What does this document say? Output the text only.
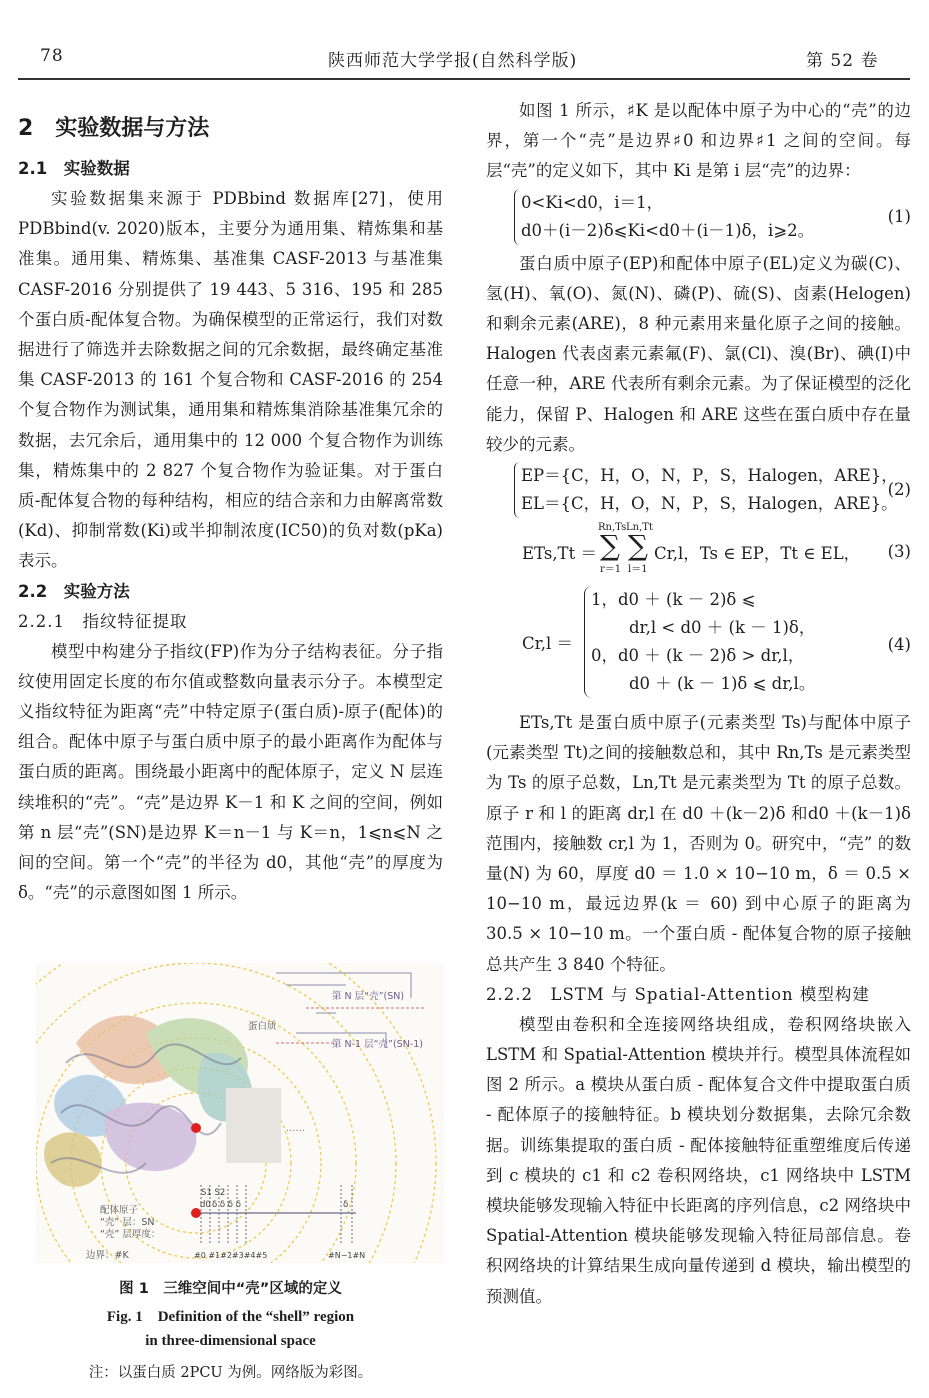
78	陕西师范大学学报(自然科学版)	第 52 卷
2　实验数据与方法
2.1　实验数据

实验数据集来源于 PDBbind 数据库[27]，使用 PDBbind(v. 2020)版本，主要分为通用集、精炼集和基准集。通用集、精炼集、基准集 CASF-2013 与基准集 CASF-2016 分别提供了 19 443、5 316、195 和 285 个蛋白质-配体复合物。为确保模型的正常运行，我们对数据进行了筛选并去除数据之间的冗余数据，最终确定基准集 CASF-2013 的 161 个复合物和 CASF-2016 的 254 个复合物作为测试集，通用集和精炼集消除基准集冗余的数据，去冗余后，通用集中的 12 000 个复合物作为训练集，精炼集中的 2 827 个复合物作为验证集。对于蛋白质-配体复合物的每种结构，相应的结合亲和力由解离常数(Kd)、抑制常数(Ki)或半抑制浓度(IC50)的负对数(pKa)表示。

2.2　实验方法
2.2.1　指纹特征提取

模型中构建分子指纹(FP)作为分子结构表征。分子指纹使用固定长度的布尔值或整数向量表示分子。本模型定义指纹特征为距离“壳”中特定原子(蛋白质)-原子(配体)的组合。配体中原子与蛋白质中原子的最小距离作为配体与蛋白质的距离。围绕最小距离中的配体原子，定义 N 层连续堆积的“壳”。“壳”是边界 K－1 和 K 之间的空间，例如第 n 层“壳”(SN)是边界 K＝n－1 与 K＝n，1⩽n⩽N 之间的空间。第一个“壳”的半径为 d0，其他“壳”的厚度为 δ。“壳”的示意图如图 1 所示。

第 N 层“壳”(SN)
第 N-1 层“壳”(SN-1)
蛋白质
配体原子
“壳” 层：SN
“壳” 层厚度：
边界：#K
……
S1 S2
d0 δ δ δ δ	δ
#0 #1#2#3#4#5	#N−1#N
图 1　三维空间中“壳”区域的定义
Fig. 1　Definition of the “shell” region
in three-dimensional space
注：以蛋白质 2PCU 为例。网络版为彩图。

如图 1 所示，♯K 是以配体中原子为中心的“壳”的边界，第一个“壳”是边界♯0 和边界♯1 之间的空间。每层“壳”的定义如下，其中 Ki 是第 i 层“壳”的边界：

0<Ki<d0，i＝1，
d0＋(i－2)δ⩽Ki<d0＋(i－1)δ，i⩾2。
(1)

蛋白质中原子(EP)和配体中原子(EL)定义为碳(C)、氢(H)、氧(O)、氮(N)、磷(P)、硫(S)、卤素(Helogen)和剩余元素(ARE)，8 种元素用来量化原子之间的接触。Halogen 代表卤素元素氟(F)、氯(Cl)、溴(Br)、碘(I)中任意一种，ARE 代表所有剩余元素。为了保证模型的泛化能力，保留 P、Halogen 和 ARE 这些在蛋白质中存在量较少的元素。

EP＝{C，H，O，N，P，S，Halogen，ARE}，
EL＝{C，H，O，N，P，S，Halogen，ARE}。
(2)
ETs,Tt ＝
Rn,Ts
∑
r＝1
Ln,Tt
∑
l＝1
Cr,l，Ts ∈ EP，Tt ∈ EL， (3)
Cr,l ＝
1，d0 ＋ (k － 2)δ ⩽
dr,l < d0 ＋ (k － 1)δ，
0，d0 ＋ (k － 2)δ > dr,l，
d0 ＋ (k － 1)δ ⩽ dr,l。
(4)

ETs,Tt 是蛋白质中原子(元素类型 Ts)与配体中原子(元素类型 Tt)之间的接触数总和，其中 Rn,Ts 是元素类型为 Ts 的原子总数，Ln,Tt 是元素类型为 Tt 的原子总数。原子 r 和 l 的距离 dr,l 在 d0 ＋(k－2)δ 和d0 ＋(k－1)δ 范围内，接触数 cr,l 为 1，否则为 0。研究中，“壳” 的数量(N) 为 60，厚度 d0 ＝ 1.0 × 10−10 m，δ ＝ 0.5 × 10−10 m，最远边界(k ＝ 60) 到中心原子的距离为 30.5 × 10−10 m。一个蛋白质 - 配体复合物的原子接触总共产生 3 840 个特征。

2.2.2　LSTM 与 Spatial-Attention 模型构建

模型由卷积和全连接网络块组成，卷积网络块嵌入 LSTM 和 Spatial-Attention 模块并行。模型具体流程如图 2 所示。a 模块从蛋白质 - 配体复合文件中提取蛋白质 - 配体原子的接触特征。b 模块划分数据集，去除冗余数据。训练集提取的蛋白质 - 配体接触特征重塑维度后传递到 c 模块的 c1 和 c2 卷积网络块，c1 网络块中 LSTM 模块能够发现输入特征中长距离的序列信息，c2 网络块中 Spatial-Attention 模块能够发现输入特征局部信息。卷积网络块的计算结果生成向量传递到 d 模块，输出模型的预测值。
